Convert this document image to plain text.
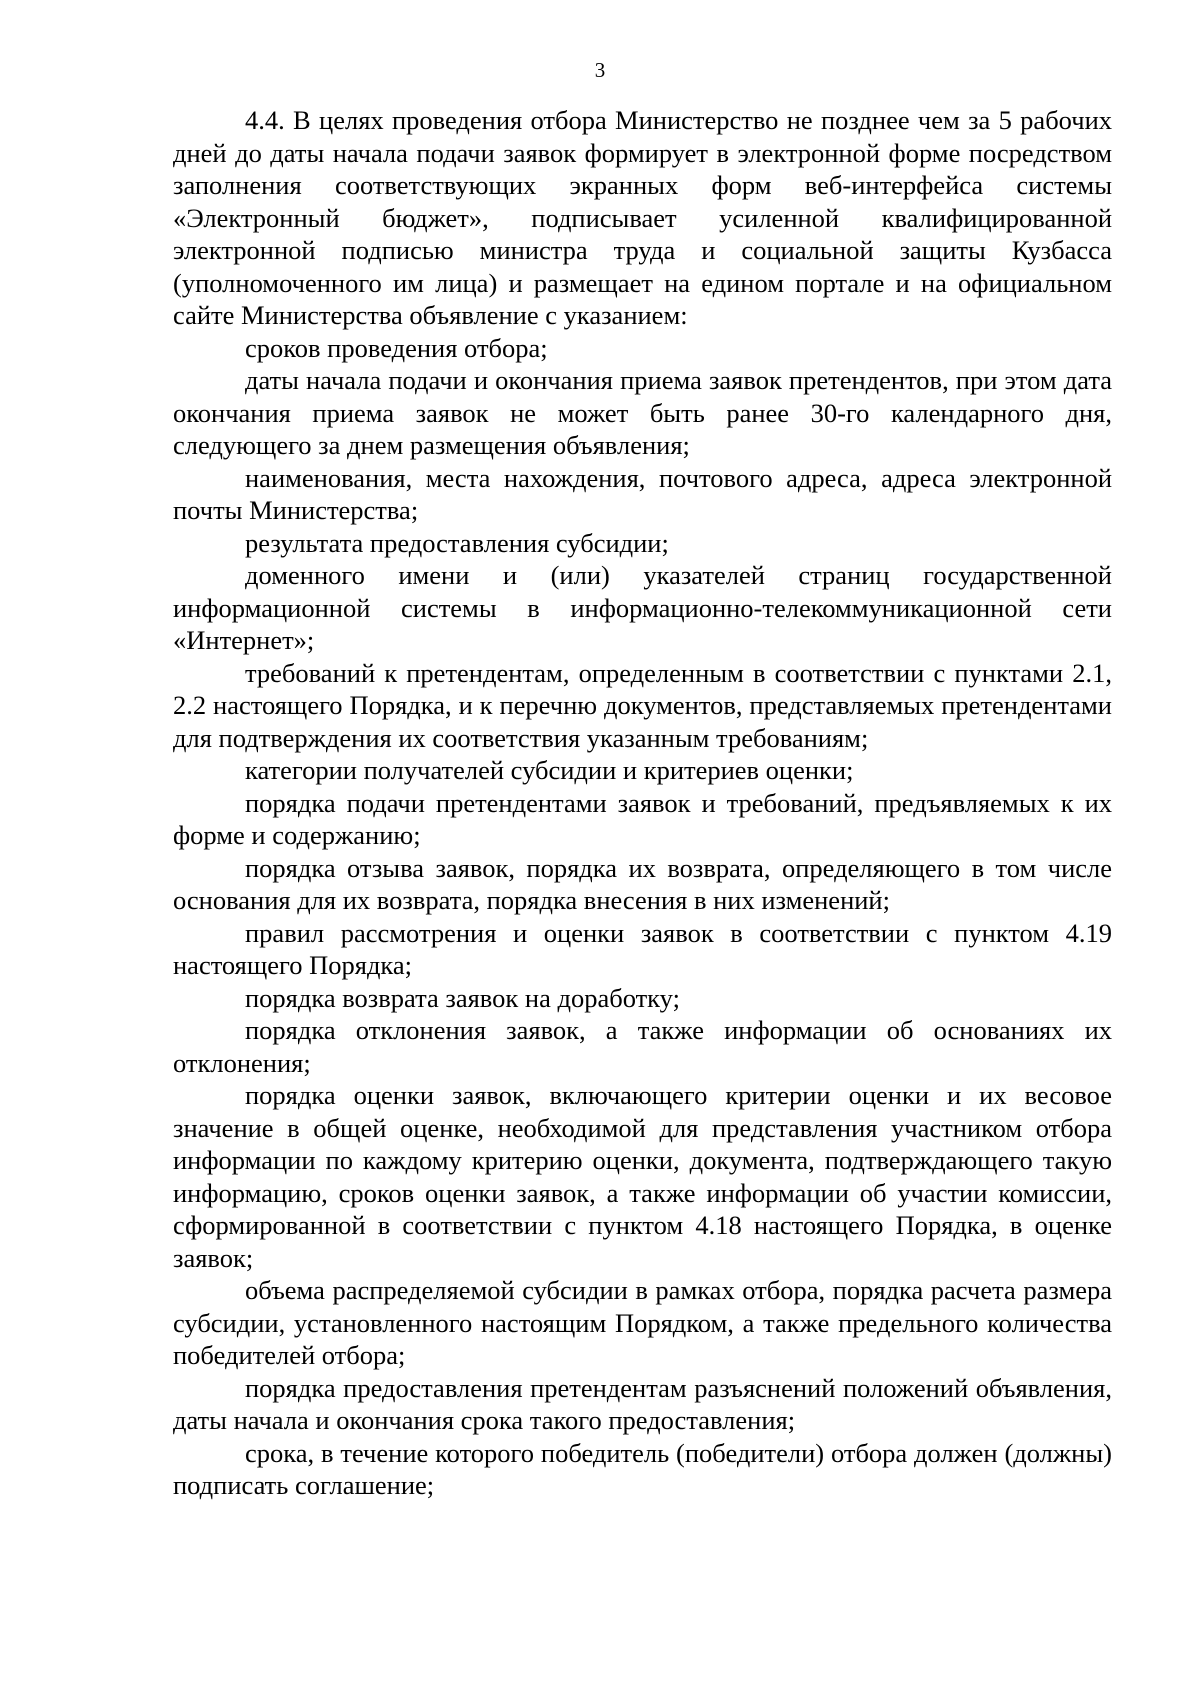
3

4.4. В целях проведения отбора Министерство не позднее чем за 5 рабочих дней до даты начала подачи заявок формирует в электронной форме посредством заполнения соответствующих экранных форм веб-интерфейса системы «Электронный бюджет», подписывает усиленной квалифицированной электронной подписью министра труда и социальной защиты Кузбасса (уполномоченного им лица) и размещает на едином портале и на официальном сайте Министерства объявление с указанием:

сроков проведения отбора;

даты начала подачи и окончания приема заявок претендентов, при этом дата окончания приема заявок не может быть ранее 30-го календарного дня, следующего за днем размещения объявления;

наименования, места нахождения, почтового адреса, адреса электронной почты Министерства;

результата предоставления субсидии;

доменного имени и (или) указателей страниц государственной информационной системы в информационно-телекоммуникационной сети «Интернет»;

требований к претендентам, определенным в соответствии с пунктами 2.1, 2.2 настоящего Порядка, и к перечню документов, представляемых претендентами для подтверждения их соответствия указанным требованиям;

категории получателей субсидии и критериев оценки;

порядка подачи претендентами заявок и требований, предъявляемых к их форме и содержанию;

порядка отзыва заявок, порядка их возврата, определяющего в том числе основания для их возврата, порядка внесения в них изменений;

правил рассмотрения и оценки заявок в соответствии с пунктом 4.19 настоящего Порядка;

порядка возврата заявок на доработку;

порядка отклонения заявок, а также информации об основаниях их отклонения;

порядка оценки заявок, включающего критерии оценки и их весовое значение в общей оценке, необходимой для представления участником отбора информации по каждому критерию оценки, документа, подтверждающего такую информацию, сроков оценки заявок, а также информации об участии комиссии, сформированной в соответствии с пунктом 4.18 настоящего Порядка, в оценке заявок;

объема распределяемой субсидии в рамках отбора, порядка расчета размера субсидии, установленного настоящим Порядком, а также предельного количества победителей отбора;

порядка предоставления претендентам разъяснений положений объявления, даты начала и окончания срока такого предоставления;

срока, в течение которого победитель (победители) отбора должен (должны) подписать соглашение;
